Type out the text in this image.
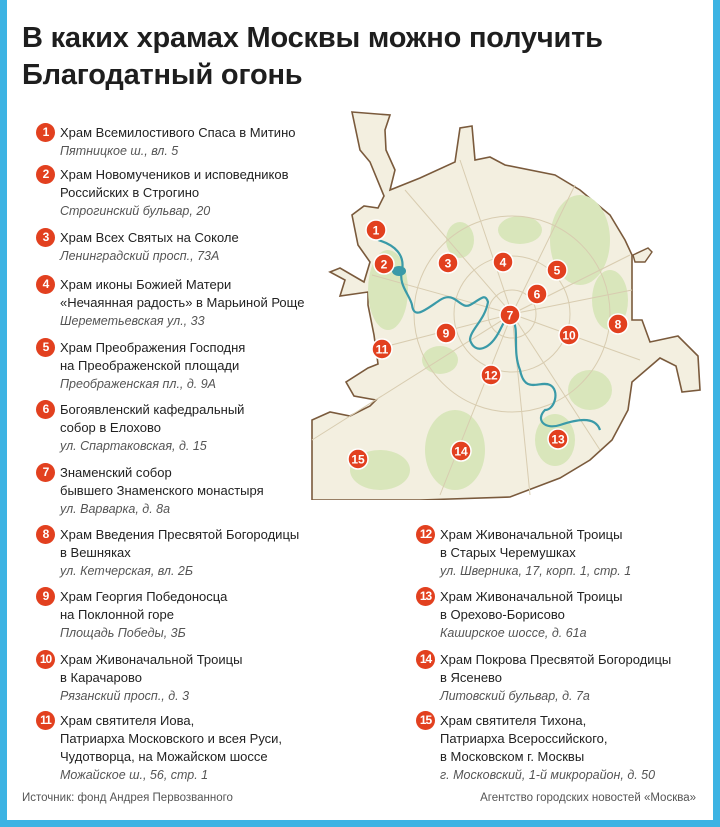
В каких храмах Москвы можно получить
Благодатный огонь
1 Храм Всемилостивого Спаса в Митино
Пятницкое ш., вл. 5
2 Храм Новомучеников и исповедников
Российских в Строгино
Строгинский бульвар, 20
3 Храм Всех Святых на Соколе
Ленинградский просп., 73А
4 Храм иконы Божией Матери
«Нечаянная радость» в Марьиной Роще
Шереметьевская ул., 33
5 Храм Преображения Господня
на Преображенской площади
Преображенская пл., д. 9А
6 Богоявленский кафедральный
собор в Елохово
ул. Спартаковская, д. 15
7 Знаменский собор
бывшего Знаменского монастыря
ул. Варварка, д. 8а
8 Храм Введения Пресвятой Богородицы
в Вешняках
ул. Кетчерская, вл. 2Б
9 Храм Георгия Победоносца
на Поклонной горе
Площадь Победы, 3Б
10 Храм Живоначальной Троицы
в Карачарово
Рязанский просп., д. 3
11 Храм святителя Иова,
Патриарха Московского и всея Руси,
Чудотворца, на Можайском шоссе
Можайское ш., 56, стр. 1
12 Храм Живоначальной Троицы
в Старых Черемушках
ул. Шверника, 17, корп. 1, стр. 1
13 Храм Живоначальной Троицы
в Орехово-Борисово
Каширское шоссе, д. 61а
14 Храм Покрова Пресвятой Богородицы
в Ясенево
Литовский бульвар, д. 7а
15 Храм святителя Тихона,
Патриарха Всероссийского,
в Московском г. Москвы
г. Московский, 1-й микрорайон, д. 50
1
2	3	4
5
6
7
8
9	10
11
12
13
14
15
Источник: фонд Андрея Первозванного	Агентство городских новостей «Москва»
